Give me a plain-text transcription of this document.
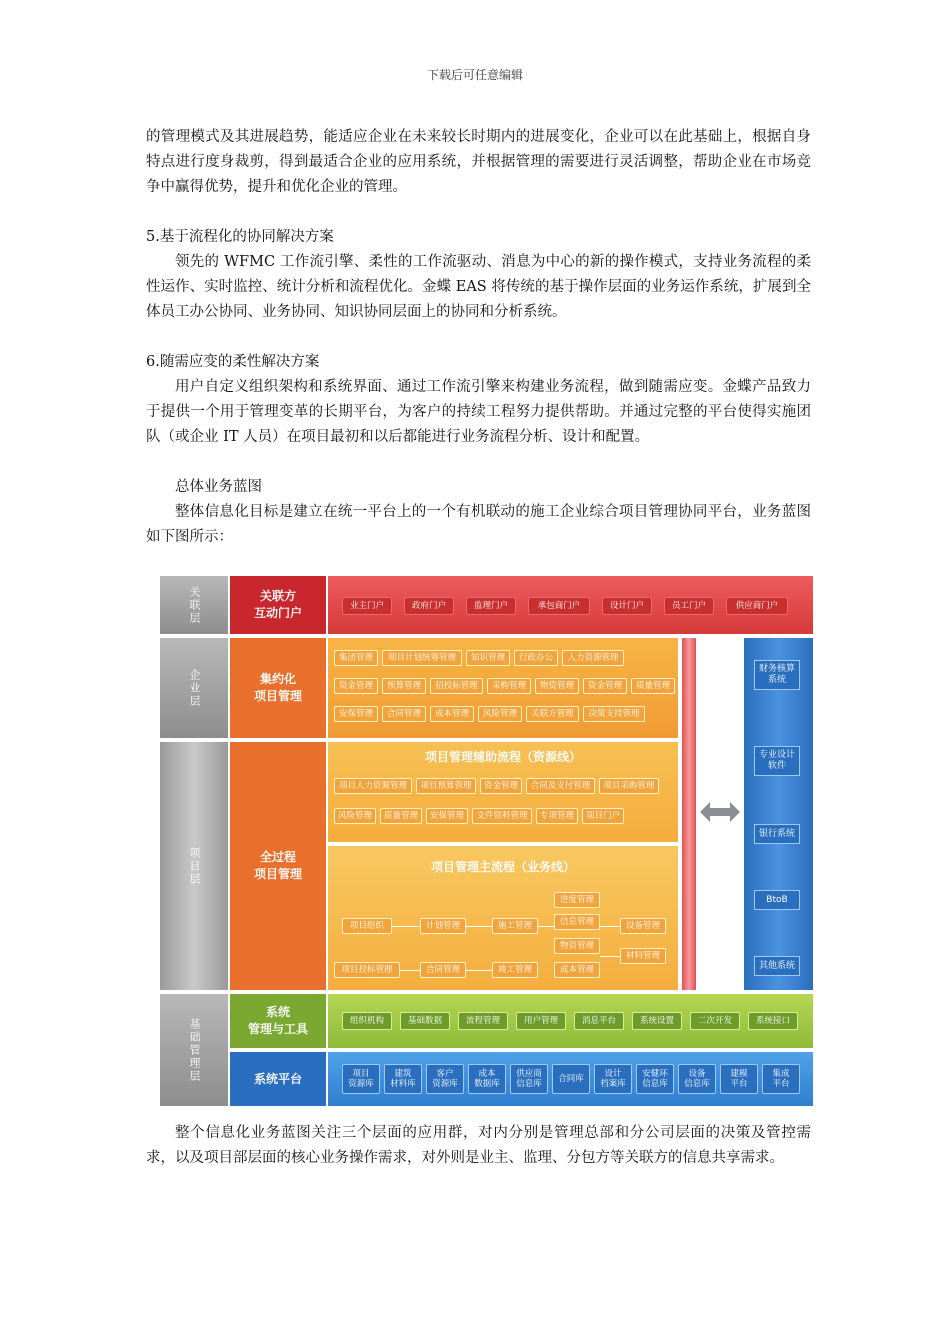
下载后可任意编辑

的管理模式及其进展趋势，能适应企业在未来较长时期内的进展变化，企业可以在此基础上，根据自身特点进行度身裁剪，得到最适合企业的应用系统，并根据管理的需要进行灵活调整，帮助企业在市场竞争中赢得优势，提升和优化企业的管理。

5.基于流程化的协同解决方案

领先的 WFMC 工作流引擎、柔性的工作流驱动、消息为中心的新的操作模式，支持业务流程的柔性运作、实时监控、统计分析和流程优化。金蝶 EAS 将传统的基于操作层面的业务运作系统，扩展到全体员工办公协同、业务协同、知识协同层面上的协同和分析系统。

6.随需应变的柔性解决方案

用户自定义组织架构和系统界面、通过工作流引擎来构建业务流程，做到随需应变。金蝶产品致力于提供一个用于管理变革的长期平台，为客户的持续工程努力提供帮助。并通过完整的平台使得实施团队（或企业 IT 人员）在项目最初和以后都能进行业务流程分析、设计和配置。

总体业务蓝图

整体信息化目标是建立在统一平台上的一个有机联动的施工企业综合项目管理协同平台，业务蓝图如下图所示：

关联层
企业层
项目层
基础管理层
关联方
互动门户
集约化
项目管理
全过程
项目管理
系统
管理与工具
系统平台
业主门户	政府门户	监理门户	承包商门户	设计门户	员工门户	供应商门户
集团管理	项目计划统筹管理	知识管理	行政办公	人力资源管理
资金管理	预算管理	招投标管理	采购管理	物资管理	资金管理	质量管理
安保管理	合同管理	成本管理	风险管理	关联方管理	决策支持管理
项目管理辅助流程（资源线）
项目人力资源管理	项目预算管理	资金管理	合同及支付管理	项目采购管理
风险管理	质量管理	安保管理	文件资料管理	专项管理	项目门户
项目管理主流程（业务线）
项目组织
项目投标管理
计划管理
合同管理
施工管理
竣工管理
进度管理
信息管理
物资管理
成本管理
设备管理
材料管理
财务核算系统
专业设计软件
银行系统
BtoB
其他系统
组织机构	基础数据	流程管理	用户管理	消息平台	系统设置	二次开发	系统接口
项目
资源库
建筑
材料库
客户
资源库
成本
数据库
供应商
信息库	合同库	设计
档案库
安健环
信息库
设备
信息库
建模
平台
集成
平台

整个信息化业务蓝图关注三个层面的应用群，对内分别是管理总部和分公司层面的决策及管控需求，以及项目部层面的核心业务操作需求，对外则是业主、监理、分包方等关联方的信息共享需求。
